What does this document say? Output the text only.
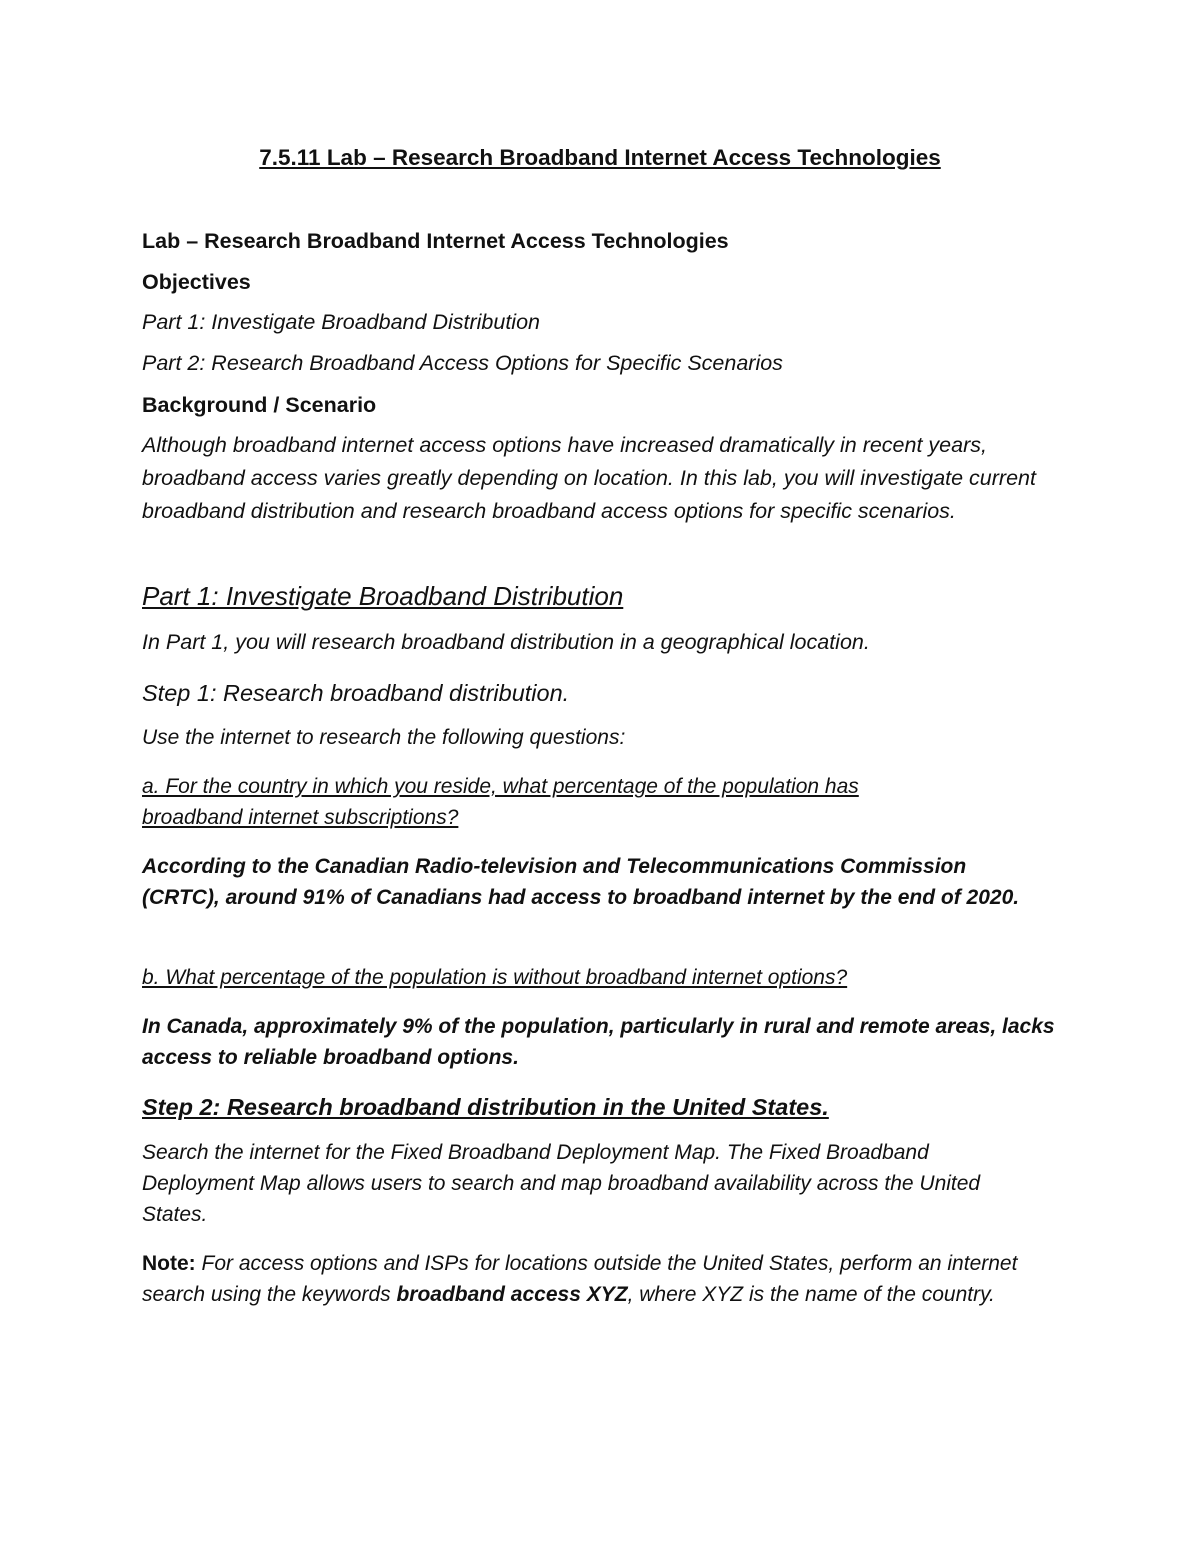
7.5.11 Lab – Research Broadband Internet Access Technologies

Lab – Research Broadband Internet Access Technologies

Objectives

Part 1: Investigate Broadband Distribution

Part 2: Research Broadband Access Options for Specific Scenarios

Background / Scenario

Although broadband internet access options have increased dramatically in recent years, broadband access varies greatly depending on location. In this lab, you will investigate current broadband distribution and research broadband access options for specific scenarios.

Part 1: Investigate Broadband Distribution

In Part 1, you will research broadband distribution in a geographical location.

Step 1: Research broadband distribution.

Use the internet to research the following questions:

a. For the country in which you reside, what percentage of the population has broadband internet subscriptions?

According to the Canadian Radio-television and Telecommunications Commission (CRTC), around 91% of Canadians had access to broadband internet by the end of 2020.

b. What percentage of the population is without broadband internet options?

In Canada, approximately 9% of the population, particularly in rural and remote areas, lacks access to reliable broadband options.

Step 2: Research broadband distribution in the United States.

Search the internet for the Fixed Broadband Deployment Map. The Fixed Broadband Deployment Map allows users to search and map broadband availability across the United States.

Note: For access options and ISPs for locations outside the United States, perform an internet search using the keywords broadband access XYZ, where XYZ is the name of the country.
